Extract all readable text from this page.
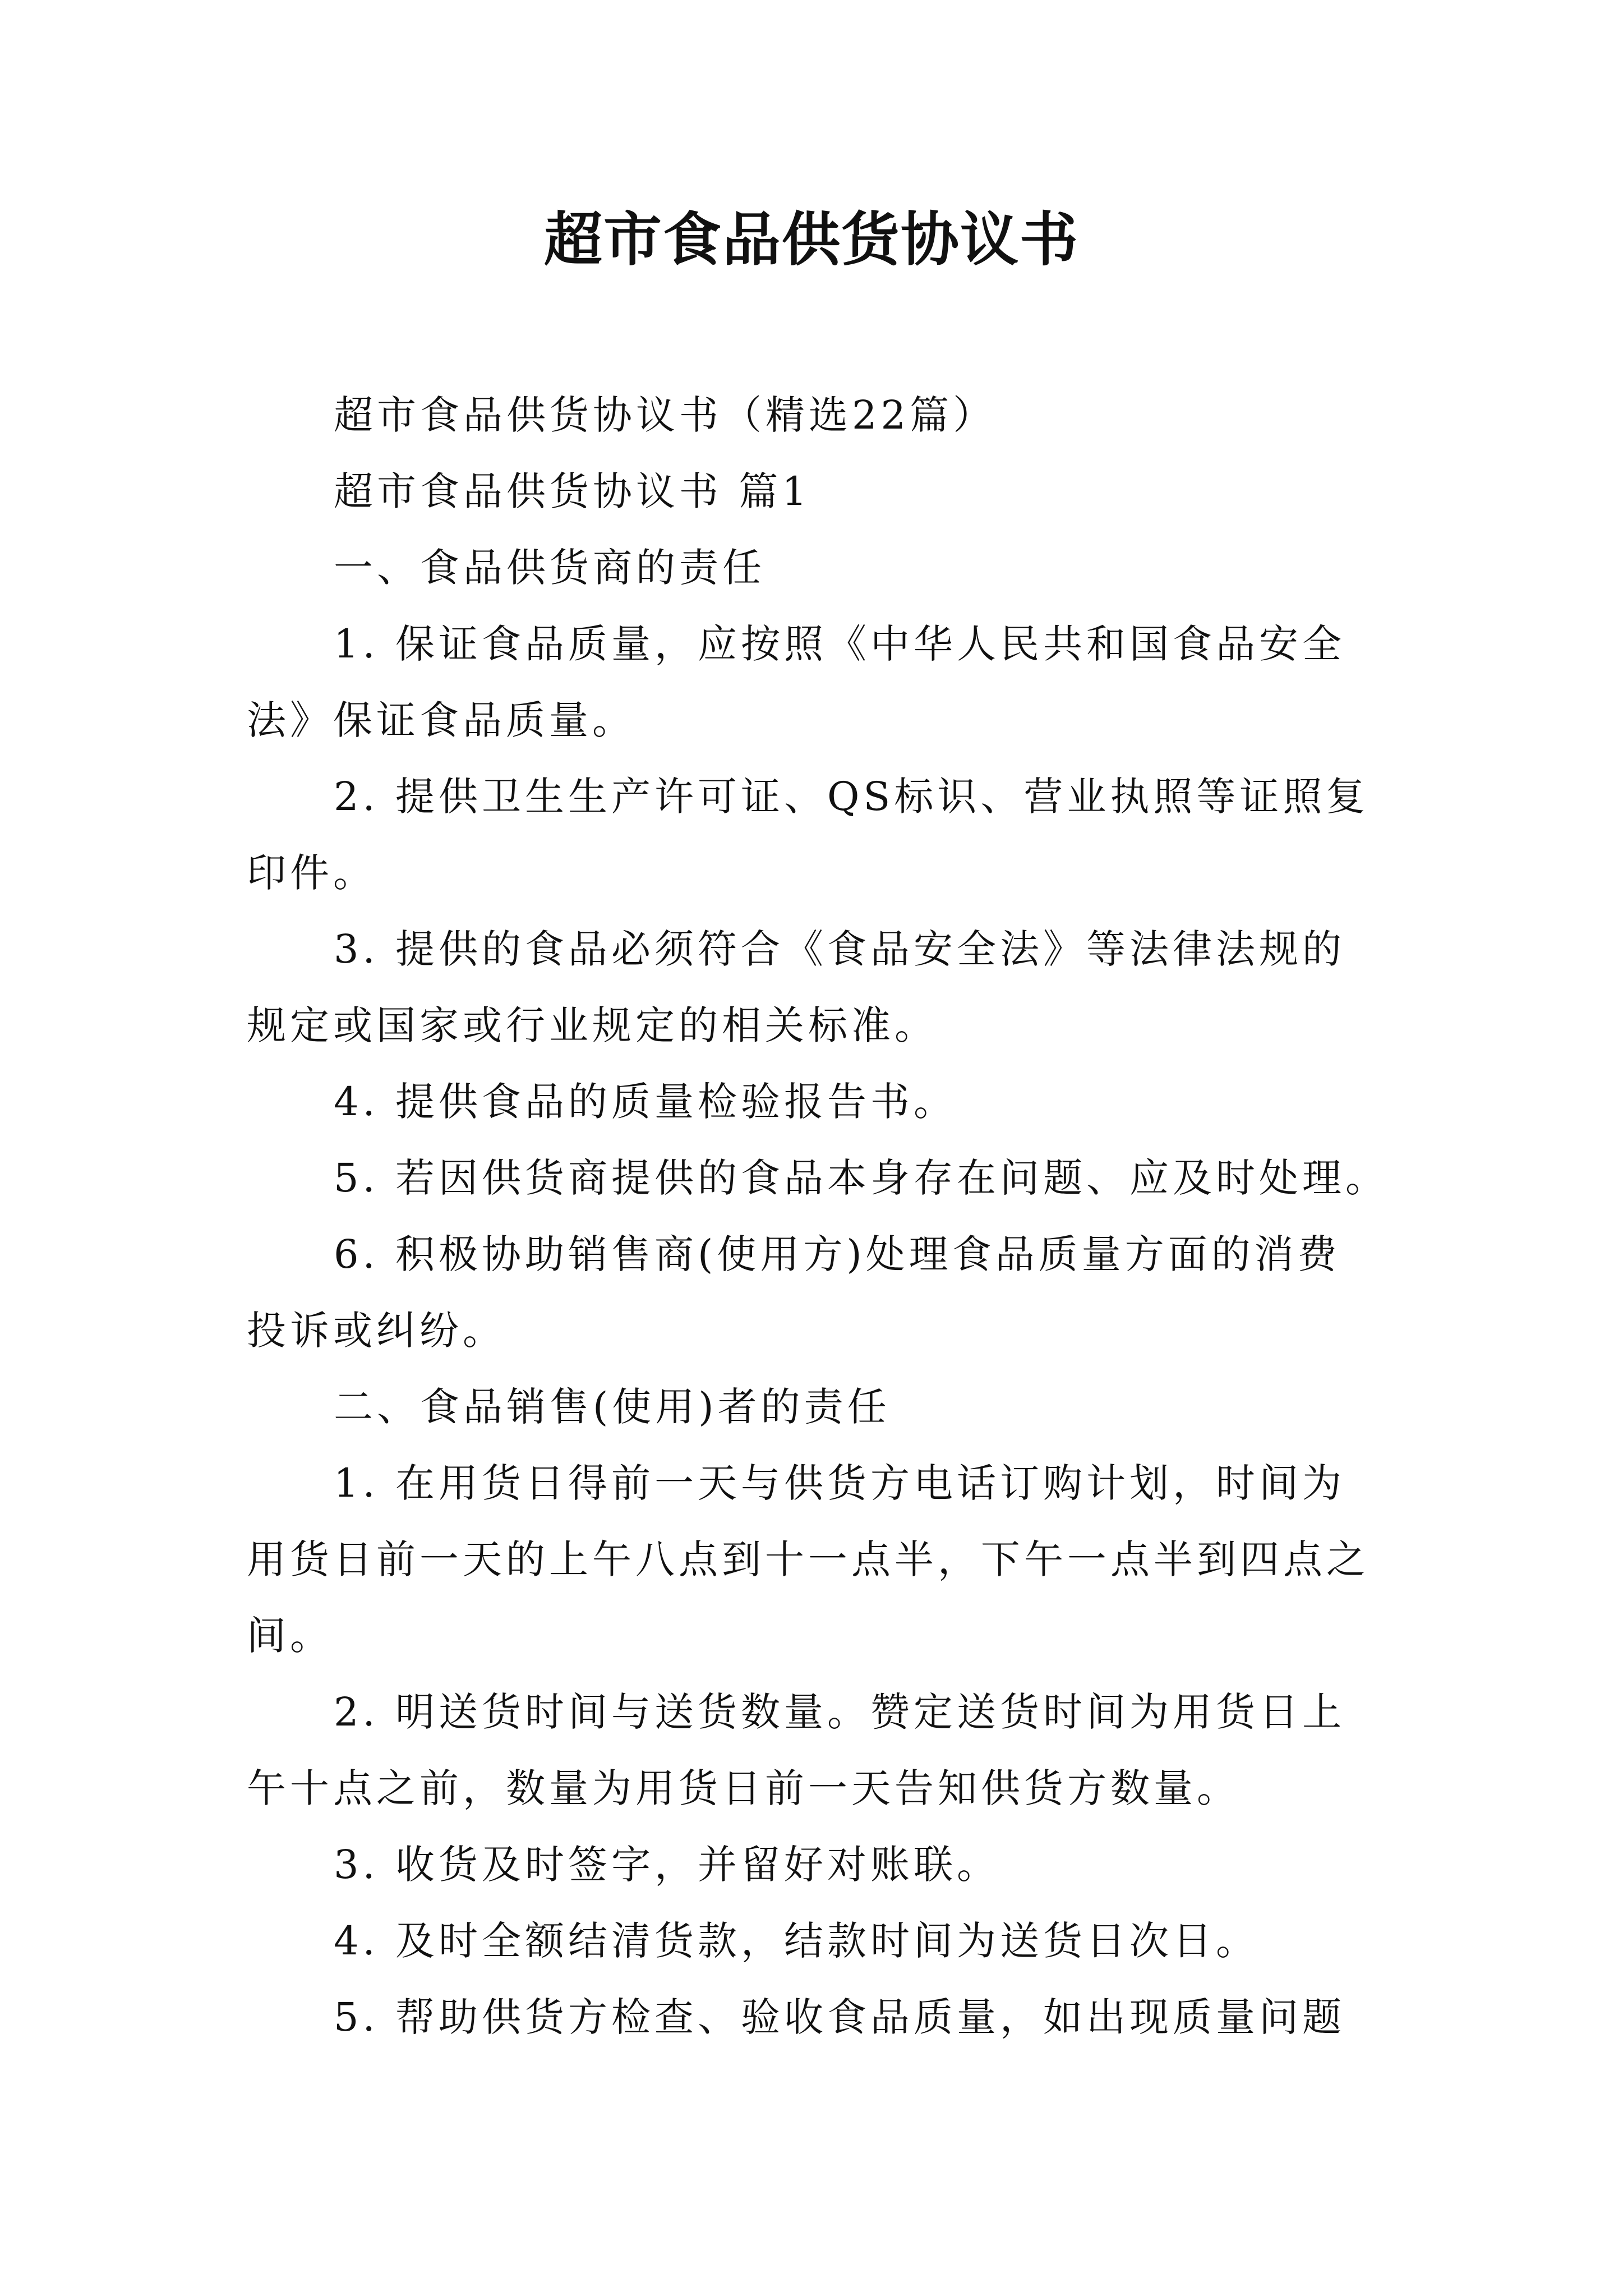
超市食品供货协议书
超市食品供货协议书（精选22篇）
超市食品供货协议书 篇1
一、食品供货商的责任
1. 保证食品质量，应按照《中华人民共和国食品安全
法》保证食品质量。
2. 提供卫生生产许可证、QS标识、营业执照等证照复
印件。
3. 提供的食品必须符合《食品安全法》等法律法规的
规定或国家或行业规定的相关标准。
4. 提供食品的质量检验报告书。
5. 若因供货商提供的食品本身存在问题、应及时处理。
6. 积极协助销售商(使用方)处理食品质量方面的消费
投诉或纠纷。
二、食品销售(使用)者的责任
1. 在用货日得前一天与供货方电话订购计划，时间为
用货日前一天的上午八点到十一点半，下午一点半到四点之
间。
2. 明送货时间与送货数量。赞定送货时间为用货日上
午十点之前，数量为用货日前一天告知供货方数量。
3. 收货及时签字，并留好对账联。
4. 及时全额结清货款，结款时间为送货日次日。
5. 帮助供货方检查、验收食品质量，如出现质量问题
